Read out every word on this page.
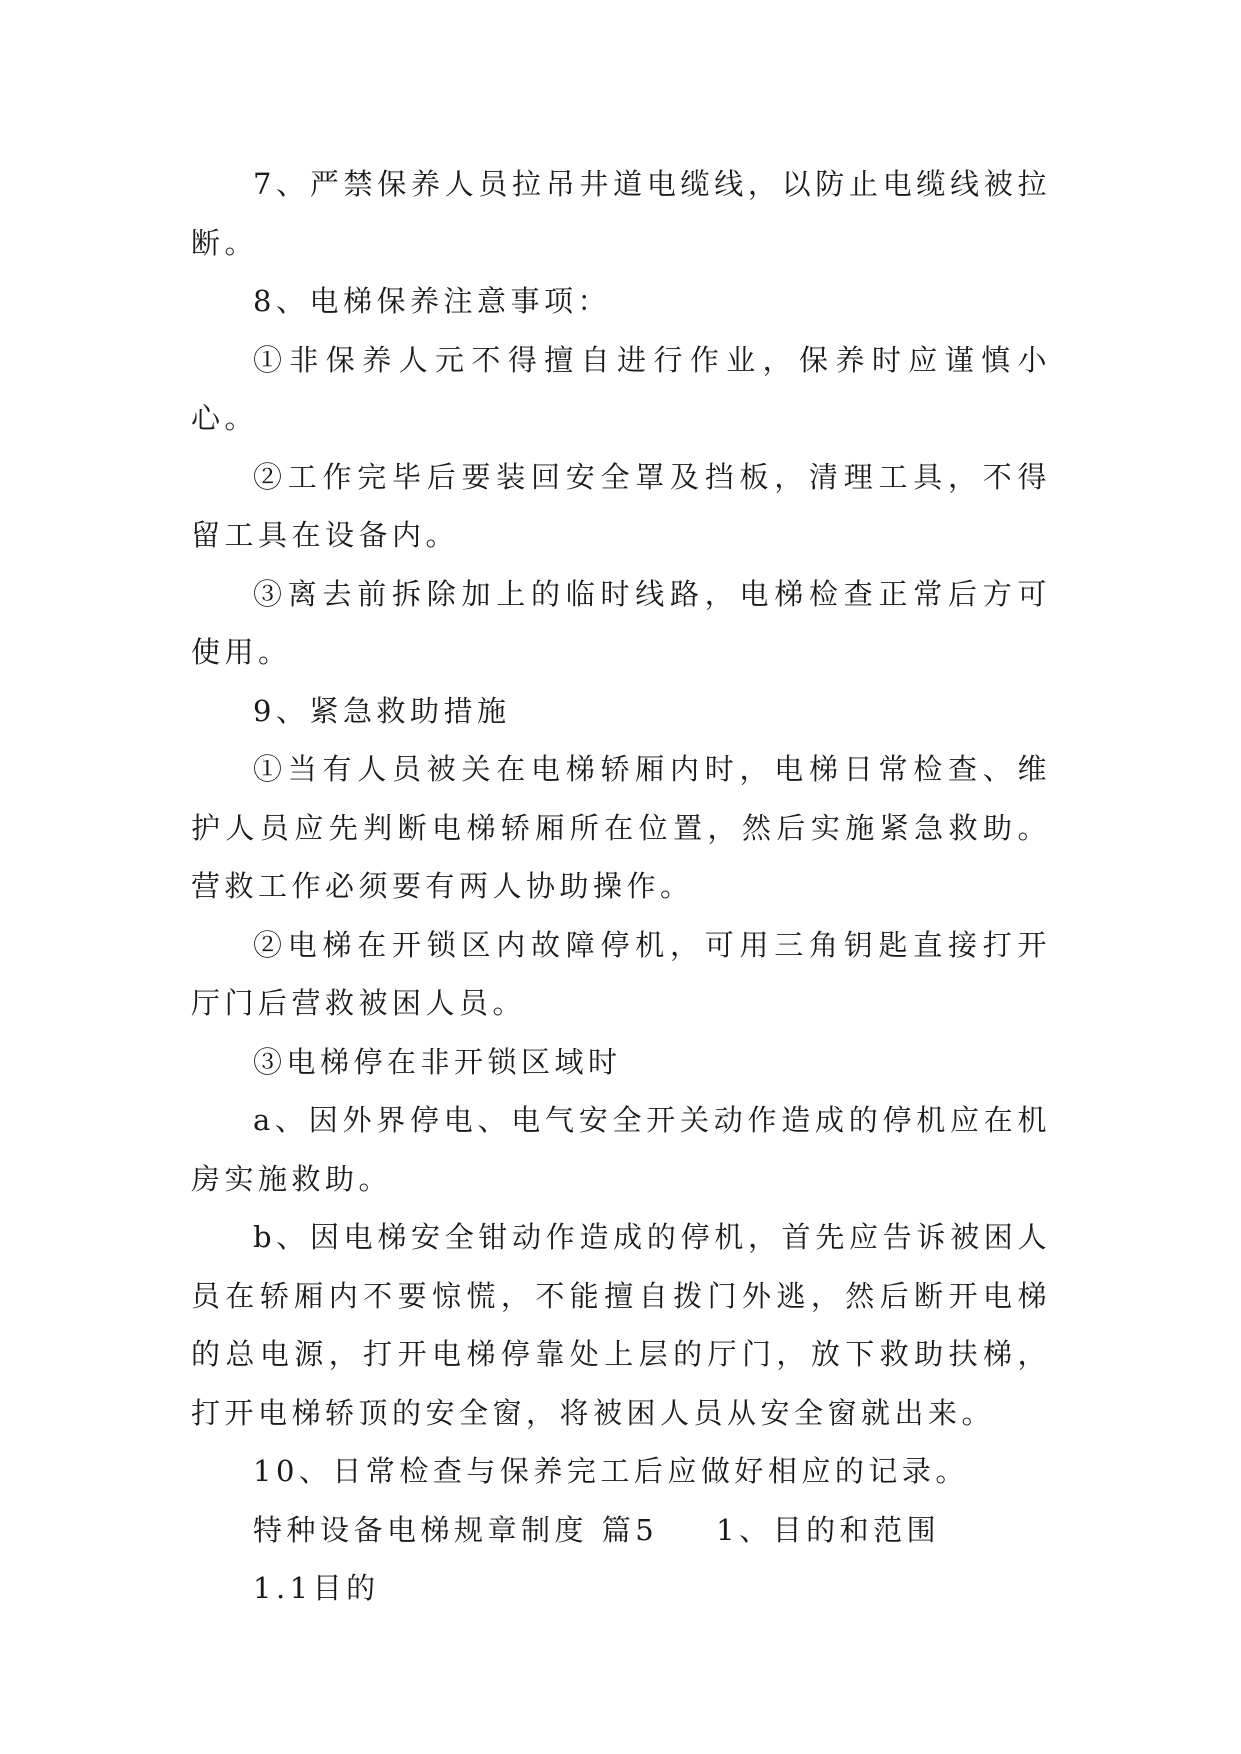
7、严禁保养人员拉吊井道电缆线，以防止电缆线被拉断。

8、电梯保养注意事项：

①非保养人元不得擅自进行作业，保养时应谨慎小心。

②工作完毕后要装回安全罩及挡板，清理工具，不得留工具在设备内。

③离去前拆除加上的临时线路，电梯检查正常后方可使用。

9、紧急救助措施

①当有人员被关在电梯轿厢内时，电梯日常检查、维护人员应先判断电梯轿厢所在位置，然后实施紧急救助。营救工作必须要有两人协助操作。

②电梯在开锁区内故障停机，可用三角钥匙直接打开厅门后营救被困人员。

③电梯停在非开锁区域时

a、因外界停电、电气安全开关动作造成的停机应在机房实施救助。

b、因电梯安全钳动作造成的停机，首先应告诉被困人员在轿厢内不要惊慌，不能擅自拨门外逃，然后断开电梯的总电源，打开电梯停靠处上层的厅门，放下救助扶梯，打开电梯轿顶的安全窗，将被困人员从安全窗就出来。

10、日常检查与保养完工后应做好相应的记录。

特种设备电梯规章制度 篇5 1、目的和范围

1.1目的
